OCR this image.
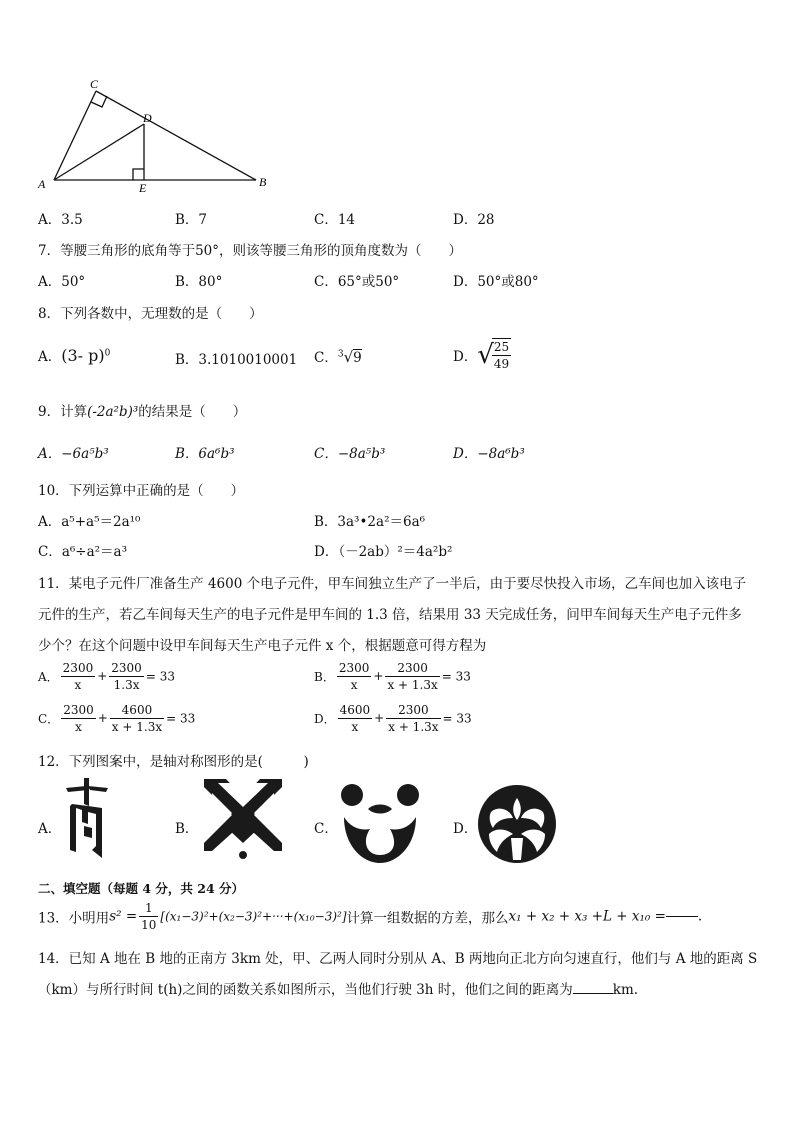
A	B
C
D
E
A．3.5	B．7	C．14	D．28
7．等腰三角形的底角等于50°，则该等腰三角形的顶角度数为（　　）
A．50°	B．80°	C．65°或50°	D．50°或80°
8．下列各数中，无理数的是（　　）
A．(3- p)$^0$	B．3.1010010001 C．$^3$√9	D．√
$\frac{25}{49}$
9．计算(-2a²b)³的结果是（　　）
A．−6a⁵b³	B．6a⁶b³	C．−8a⁵b³	D．−8a⁶b³
10．下列运算中正确的是（　　）
A．a⁵+a⁵＝2a¹⁰	B．3a³•2a²＝6a⁶
C．a⁶÷a²＝a³	D．（－2ab）²＝4a²b²
11．某电子元件厂准备生产 4600 个电子元件，甲车间独立生产了一半后，由于要尽快投入市场，乙车间也加入该电子
元件的生产，若乙车间每天生产的电子元件是甲车间的 1.3 倍，结果用 33 天完成任务，问甲车间每天生产电子元件多
少个？在这个问题中设甲车间每天生产电子元件 x 个，根据题意可得方程为
A． $\frac{2300}{x} + \frac{2300}{1.3x} = 33$	B． $\frac{2300}{x} + \frac{2300}{x + 1.3x} = 33$
C． $\frac{2300}{x} + \frac{4600}{x + 1.3x} = 33$	D． $\frac{4600}{x} + \frac{2300}{x + 1.3x} = 33$
12．下列图案中，是轴对称图形的是(　　　)
A．	B．	C．	D．
二、填空题（每题 4 分，共 24 分）
13．小明用$s^2 = \frac{1}{10} [(x_1-3)^2+(x_2-3)^2+\cdot\cdot\cdot+(x_{10}-3)^2]$计算一组数据的方差，那么x₁ + x₂ + x₃ +L + x₁₀ = .
14．已知 A 地在 B 地的正南方 3km 处，甲、乙两人同时分别从 A、B 两地向正北方向匀速直行，他们与 A 地的距离 S
（km）与所行时间 t(h)之间的函数关系如图所示，当他们行驶 3h 时，他们之间的距离为	km.
